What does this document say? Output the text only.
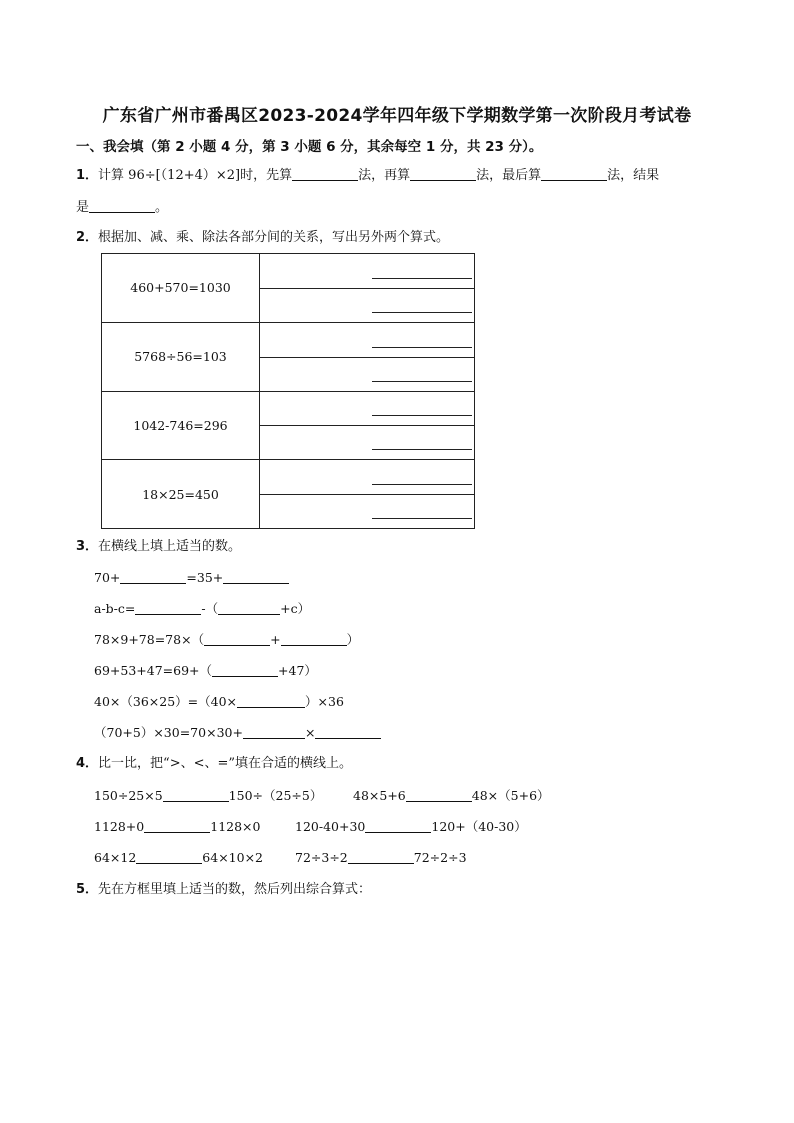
广东省广州市番禺区2023-2024学年四年级下学期数学第一次阶段月考试卷
一、我会填（第 2 小题 4 分，第 3 小题 6 分，其余每空 1 分，共 23 分）。
1．计算 96÷[（12+4）×2]时，先算	法，再算	法，最后算	法，结果
是	。
2．根据加、减、乘、除法各部分间的关系，写出另外两个算式。
460+570=1030	

5768÷56=103	

1042-746=296	

18×25=450	
3．在横线上填上适当的数。
70+	=35+
a-b-c=	-（	+c）
78×9+78=78×（	+	）
69+53+47=69+（	+47）
40×（36×25）=（40×	）×36
（70+5）×30=70×30+	×
4．比一比，把“>、<、=”填在合适的横线上。
150÷25×5	150÷（25÷5） 48×5+6	48×（5+6）
1128+0	1128×0	120-40+30	120+（40-30）
64×12	64×10×2	72÷3÷2	72÷2÷3
5．先在方框里填上适当的数，然后列出综合算式：
